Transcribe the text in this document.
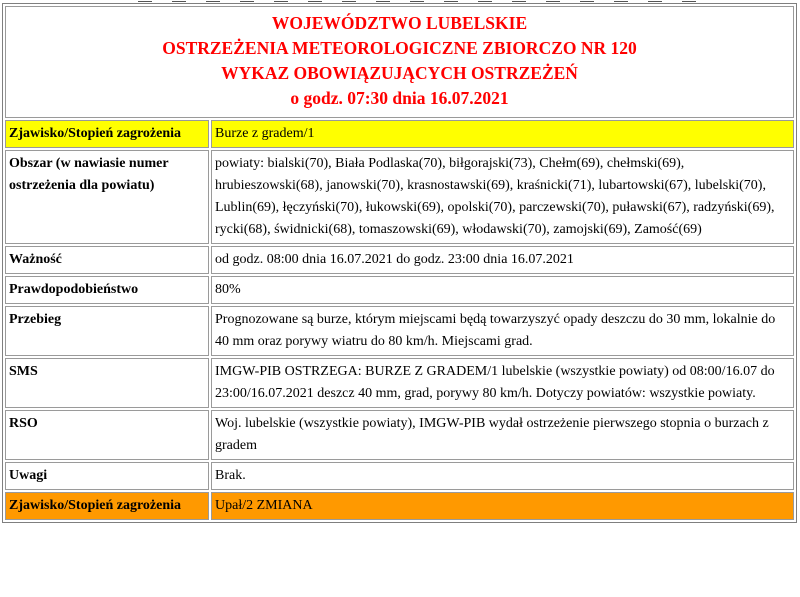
WOJEWÓDZTWO LUBELSKIE
OSTRZEŻENIA METEOROLOGICZNE ZBIORCZO NR 120
WYKAZ OBOWIĄZUJĄCYCH OSTRZEŻEŃ
o godz. 07:30 dnia 16.07.2021	

Zjawisko/Stopień zagrożenia	Burze z gradem/1
Obszar (w nawiasie numer ostrzeżenia dla powiatu)	powiaty: bialski(70), Biała Podlaska(70), biłgorajski(73), Chełm(69), chełmski(69), hrubieszowski(68), janowski(70), krasnostawski(69), kraśnicki(71), lubartowski(67), lubelski(70), Lublin(69), łęczyński(70), łukowski(69), opolski(70), parczewski(70), puławski(67), radzyński(69), rycki(68), świdnicki(68), tomaszowski(69), włodawski(70), zamojski(69), Zamość(69)
Ważność	od godz. 08:00 dnia 16.07.2021 do godz. 23:00 dnia 16.07.2021
Prawdopodobieństwo	80%
Przebieg	Prognozowane są burze, którym miejscami będą towarzyszyć opady deszczu do 30 mm, lokalnie do 40 mm oraz porywy wiatru do 80 km/h. Miejscami grad.
SMS	IMGW-PIB OSTRZEGA: BURZE Z GRADEM/1 lubelskie (wszystkie powiaty) od 08:00/16.07 do 23:00/16.07.2021 deszcz 40 mm, grad, porywy 80 km/h. Dotyczy powiatów: wszystkie powiaty.
RSO	Woj. lubelskie (wszystkie powiaty), IMGW-PIB wydał ostrzeżenie pierwszego stopnia o burzach z gradem
Uwagi	Brak.
Zjawisko/Stopień zagrożenia	Upał/2 ZMIANA
